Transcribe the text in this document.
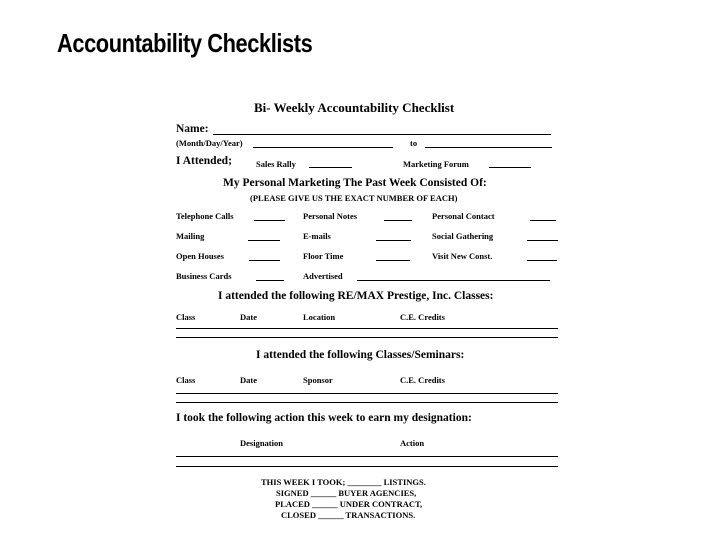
Accountability Checklists
Bi- Weekly Accountability Checklist
Name:
(Month/Day/Year)	to
I Attended;	Sales Rally	Marketing Forum
My Personal Marketing The Past Week Consisted Of:
(PLEASE GIVE US THE EXACT NUMBER OF EACH)
Telephone Calls	Personal Notes	Personal Contact
Mailing	E-mails	Social Gathering
Open Houses	Floor Time	Visit New Const.
Business Cards	Advertised
I attended the following RE/MAX Prestige, Inc. Classes:
Class	Date	Location	C.E. Credits
I attended the following Classes/Seminars:
Class	Date	Sponsor	C.E. Credits
I took the following action this week to earn my designation:
Designation	Action
THIS WEEK I TOOK; ________ LISTINGS.
SIGNED ______ BUYER AGENCIES,
PLACED ______ UNDER CONTRACT,
CLOSED ______ TRANSACTIONS.
